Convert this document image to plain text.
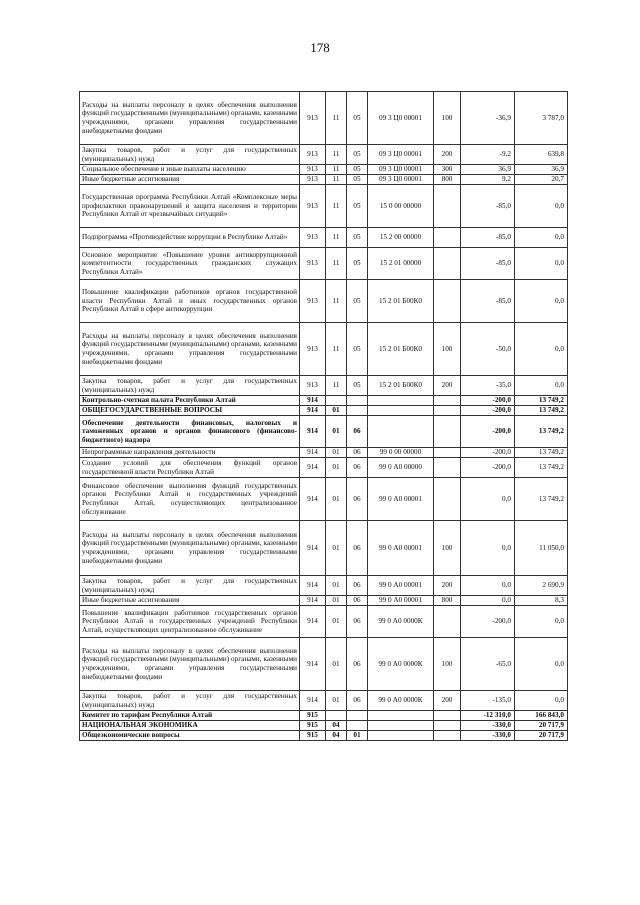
178
Расходы на выплаты персоналу в целях обеспечения выполнения функций государственными (муниципальными) органами, казенными учреждениями, органами управления государственными внебюджетными фондами	913	11	05	09 3 Ц0 00001	100	-36,9	3 787,0
Закупка товаров, работ и услуг для государственных (муниципальных) нужд	913	11	05	09 3 Ц0 00001	200	-9,2	639,8
Социальное обеспечение и иные выплаты населению	913	11	05	09 3 Ц0 00001	300	36,9	36,9
Иные бюджетные ассигнования	913	11	05	09 3 Ц0 00001	800	9,2	20,7
Государственная программа Республики Алтай «Комплексные меры профилактики правонарушений и защита населения и территории Республики Алтай от чрезвычайных ситуаций»	913	11	05	15 0 00 00000		-85,0	0,0
Подпрограмма «Противодействие коррупции в Республике Алтай»	913	11	05	15 2 00 00000		-85,0	0,0
Основное мероприятие «Повышение уровня антикоррупционной компетентности государственных гражданских служащих Республики Алтай»	913	11	05	15 2 01 00000		-85,0	0,0
Повышение квалификации работников органов государственной власти Республики Алтай и иных государственных органов Республики Алтай в сфере антикоррупции	913	11	05	15 2 01 Б00К0		-85,0	0,0
Расходы на выплаты персоналу в целях обеспечения выполнения функций государственными (муниципальными) органами, казенными учреждениями, органами управления государственными внебюджетными фондами	913	11	05	15 2 01 Б00К0	100	-50,0	0,0
Закупка товаров, работ и услуг для государственных (муниципальных) нужд	913	11	05	15 2 01 Б00К0	200	-35,0	0,0
Контрольно-счетная палата Республики Алтай	914					-200,0	13 749,2
ОБЩЕГОСУДАРСТВЕННЫЕ ВОПРОСЫ	914	01				-200,0	13 749,2
Обеспечение деятельности финансовых, налоговых и таможенных органов и органов финансового (финансово-бюджетного) надзора	914	01	06			-200,0	13 749,2
Непрограммные направления деятельности	914	01	06	99 0 00 00000		-200,0	13 749,2
Создание условий для обеспечения функций органов государственной власти Республики Алтай	914	01	06	99 0 А0 00000		-200,0	13 749,2
Финансовое обеспечение выполнения функций государственных органов Республики Алтай и государственных учреждений Республики Алтай, осуществляющих централизованное обслуживание	914	01	06	99 0 А0 00001		0,0	13 749,2
Расходы на выплаты персоналу в целях обеспечения выполнения функций государственными (муниципальными) органами, казенными учреждениями, органами управления государственными внебюджетными фондами	914	01	06	99 0 А0 00001	100	0,0	11 050,0
Закупка товаров, работ и услуг для государственных (муниципальных) нужд	914	01	06	99 0 А0 00001	200	0,0	2 690,9
Иные бюджетные ассигнования	914	01	06	99 0 А0 00001	800	0,0	8,3
Повышение квалификации работников государственных органов Республики Алтай и государственных учреждений Республики Алтай, осуществляющих централизованное обслуживание	914	01	06	99 0 А0 0000К		-200,0	0,0
Расходы на выплаты персоналу в целях обеспечения выполнения функций государственными (муниципальными) органами, казенными учреждениями, органами управления государственными внебюджетными фондами	914	01	06	99 0 А0 0000К	100	-65,0	0,0
Закупка товаров, работ и услуг для государственных (муниципальных) нужд	914	01	06	99 0 А0 0000К	200	-135,0	0,0
Комитет по тарифам Республики Алтай	915					-12 310,0	166 843,0
НАЦИОНАЛЬНАЯ ЭКОНОМИКА	915	04				-330,0	20 717,9
Общеэкономические вопросы	915	04	01			-330,0	20 717,9
